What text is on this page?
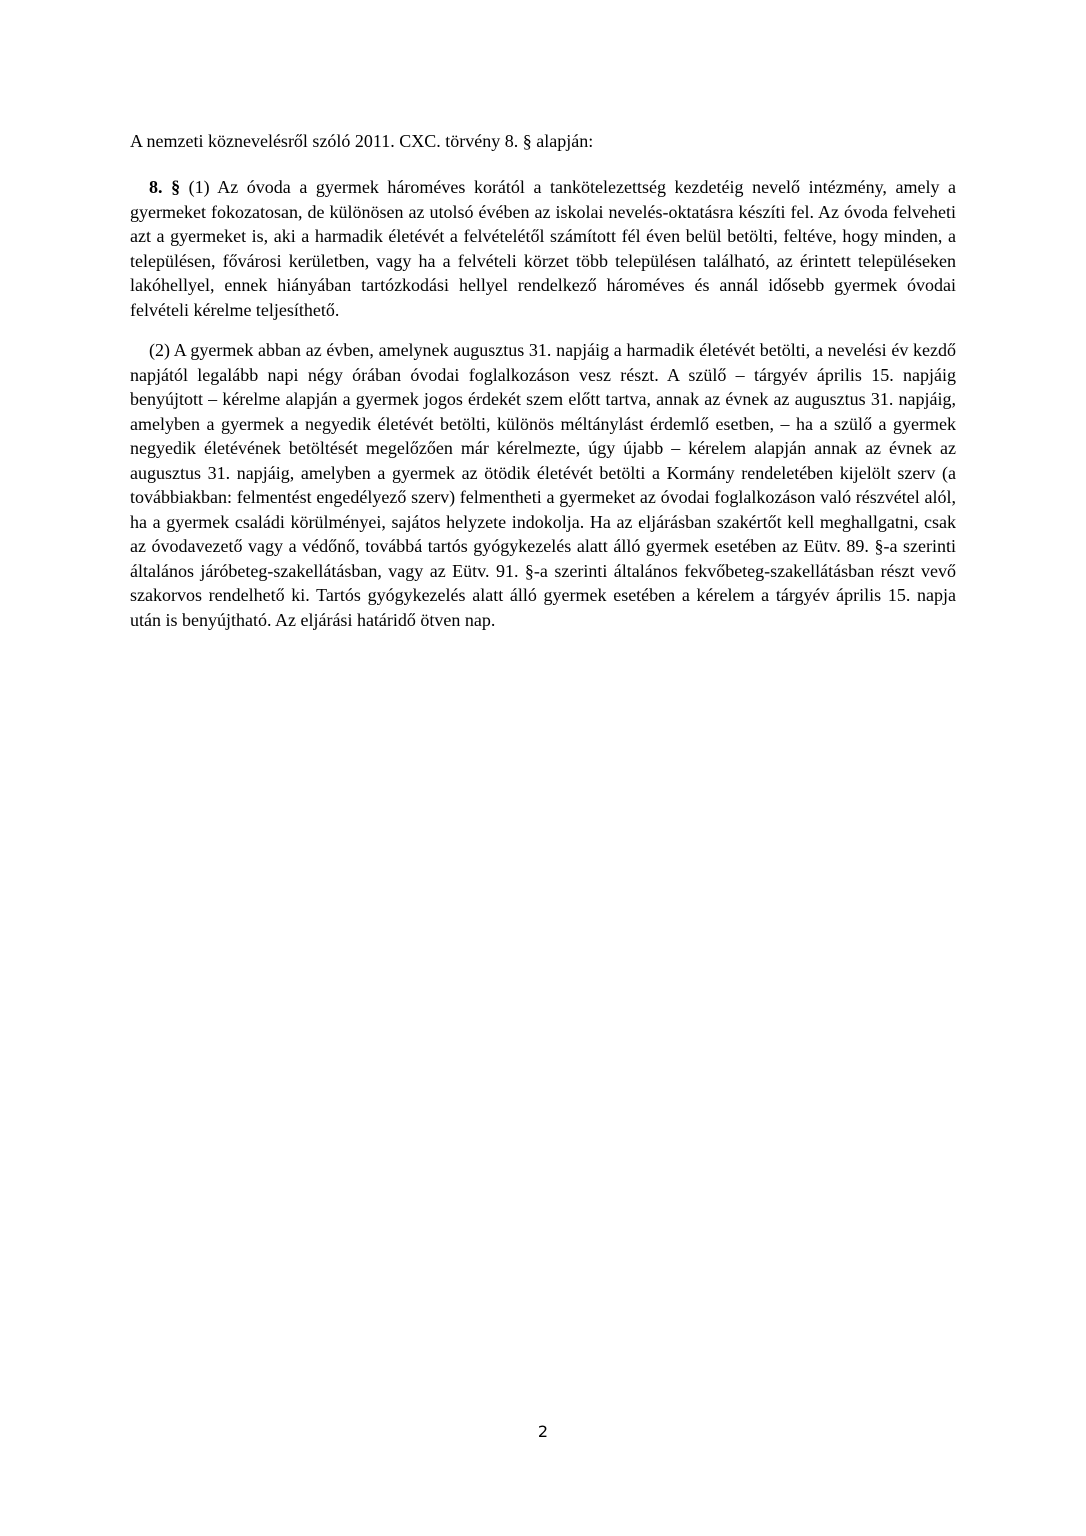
A nemzeti köznevelésről szóló 2011. CXC. törvény 8. § alapján:

8. § (1) Az óvoda a gyermek hároméves korától a tankötelezettség kezdetéig nevelő intézmény, amely a gyermeket fokozatosan, de különösen az utolsó évében az iskolai nevelés-oktatásra készíti fel. Az óvoda felveheti azt a gyermeket is, aki a harmadik életévét a felvételétől számított fél éven belül betölti, feltéve, hogy minden, a településen, fővárosi kerületben, vagy ha a felvételi körzet több településen található, az érintett településeken lakóhellyel, ennek hiányában tartózkodási hellyel rendelkező hároméves és annál idősebb gyermek óvodai felvételi kérelme teljesíthető.

(2) A gyermek abban az évben, amelynek augusztus 31. napjáig a harmadik életévét betölti, a nevelési év kezdő napjától legalább napi négy órában óvodai foglalkozáson vesz részt. A szülő – tárgyév április 15. napjáig benyújtott – kérelme alapján a gyermek jogos érdekét szem előtt tartva, annak az évnek az augusztus 31. napjáig, amelyben a gyermek a negyedik életévét betölti, különös méltánylást érdemlő esetben, – ha a szülő a gyermek negyedik életévének betöltését megelőzően már kérelmezte, úgy újabb – kérelem alapján annak az évnek az augusztus 31. napjáig, amelyben a gyermek az ötödik életévét betölti a Kormány rendeletében kijelölt szerv (a továbbiakban: felmentést engedélyező szerv) felmentheti a gyermeket az óvodai foglalkozáson való részvétel alól, ha a gyermek családi körülményei, sajátos helyzete indokolja. Ha az eljárásban szakértőt kell meghallgatni, csak az óvodavezető vagy a védőnő, továbbá tartós gyógykezelés alatt álló gyermek esetében az Eütv. 89. §-a szerinti általános járóbeteg-szakellátásban, vagy az Eütv. 91. §-a szerinti általános fekvőbeteg-szakellátásban részt vevő szakorvos rendelhető ki. Tartós gyógykezelés alatt álló gyermek esetében a kérelem a tárgyév április 15. napja után is benyújtható. Az eljárási határidő ötven nap.

2
